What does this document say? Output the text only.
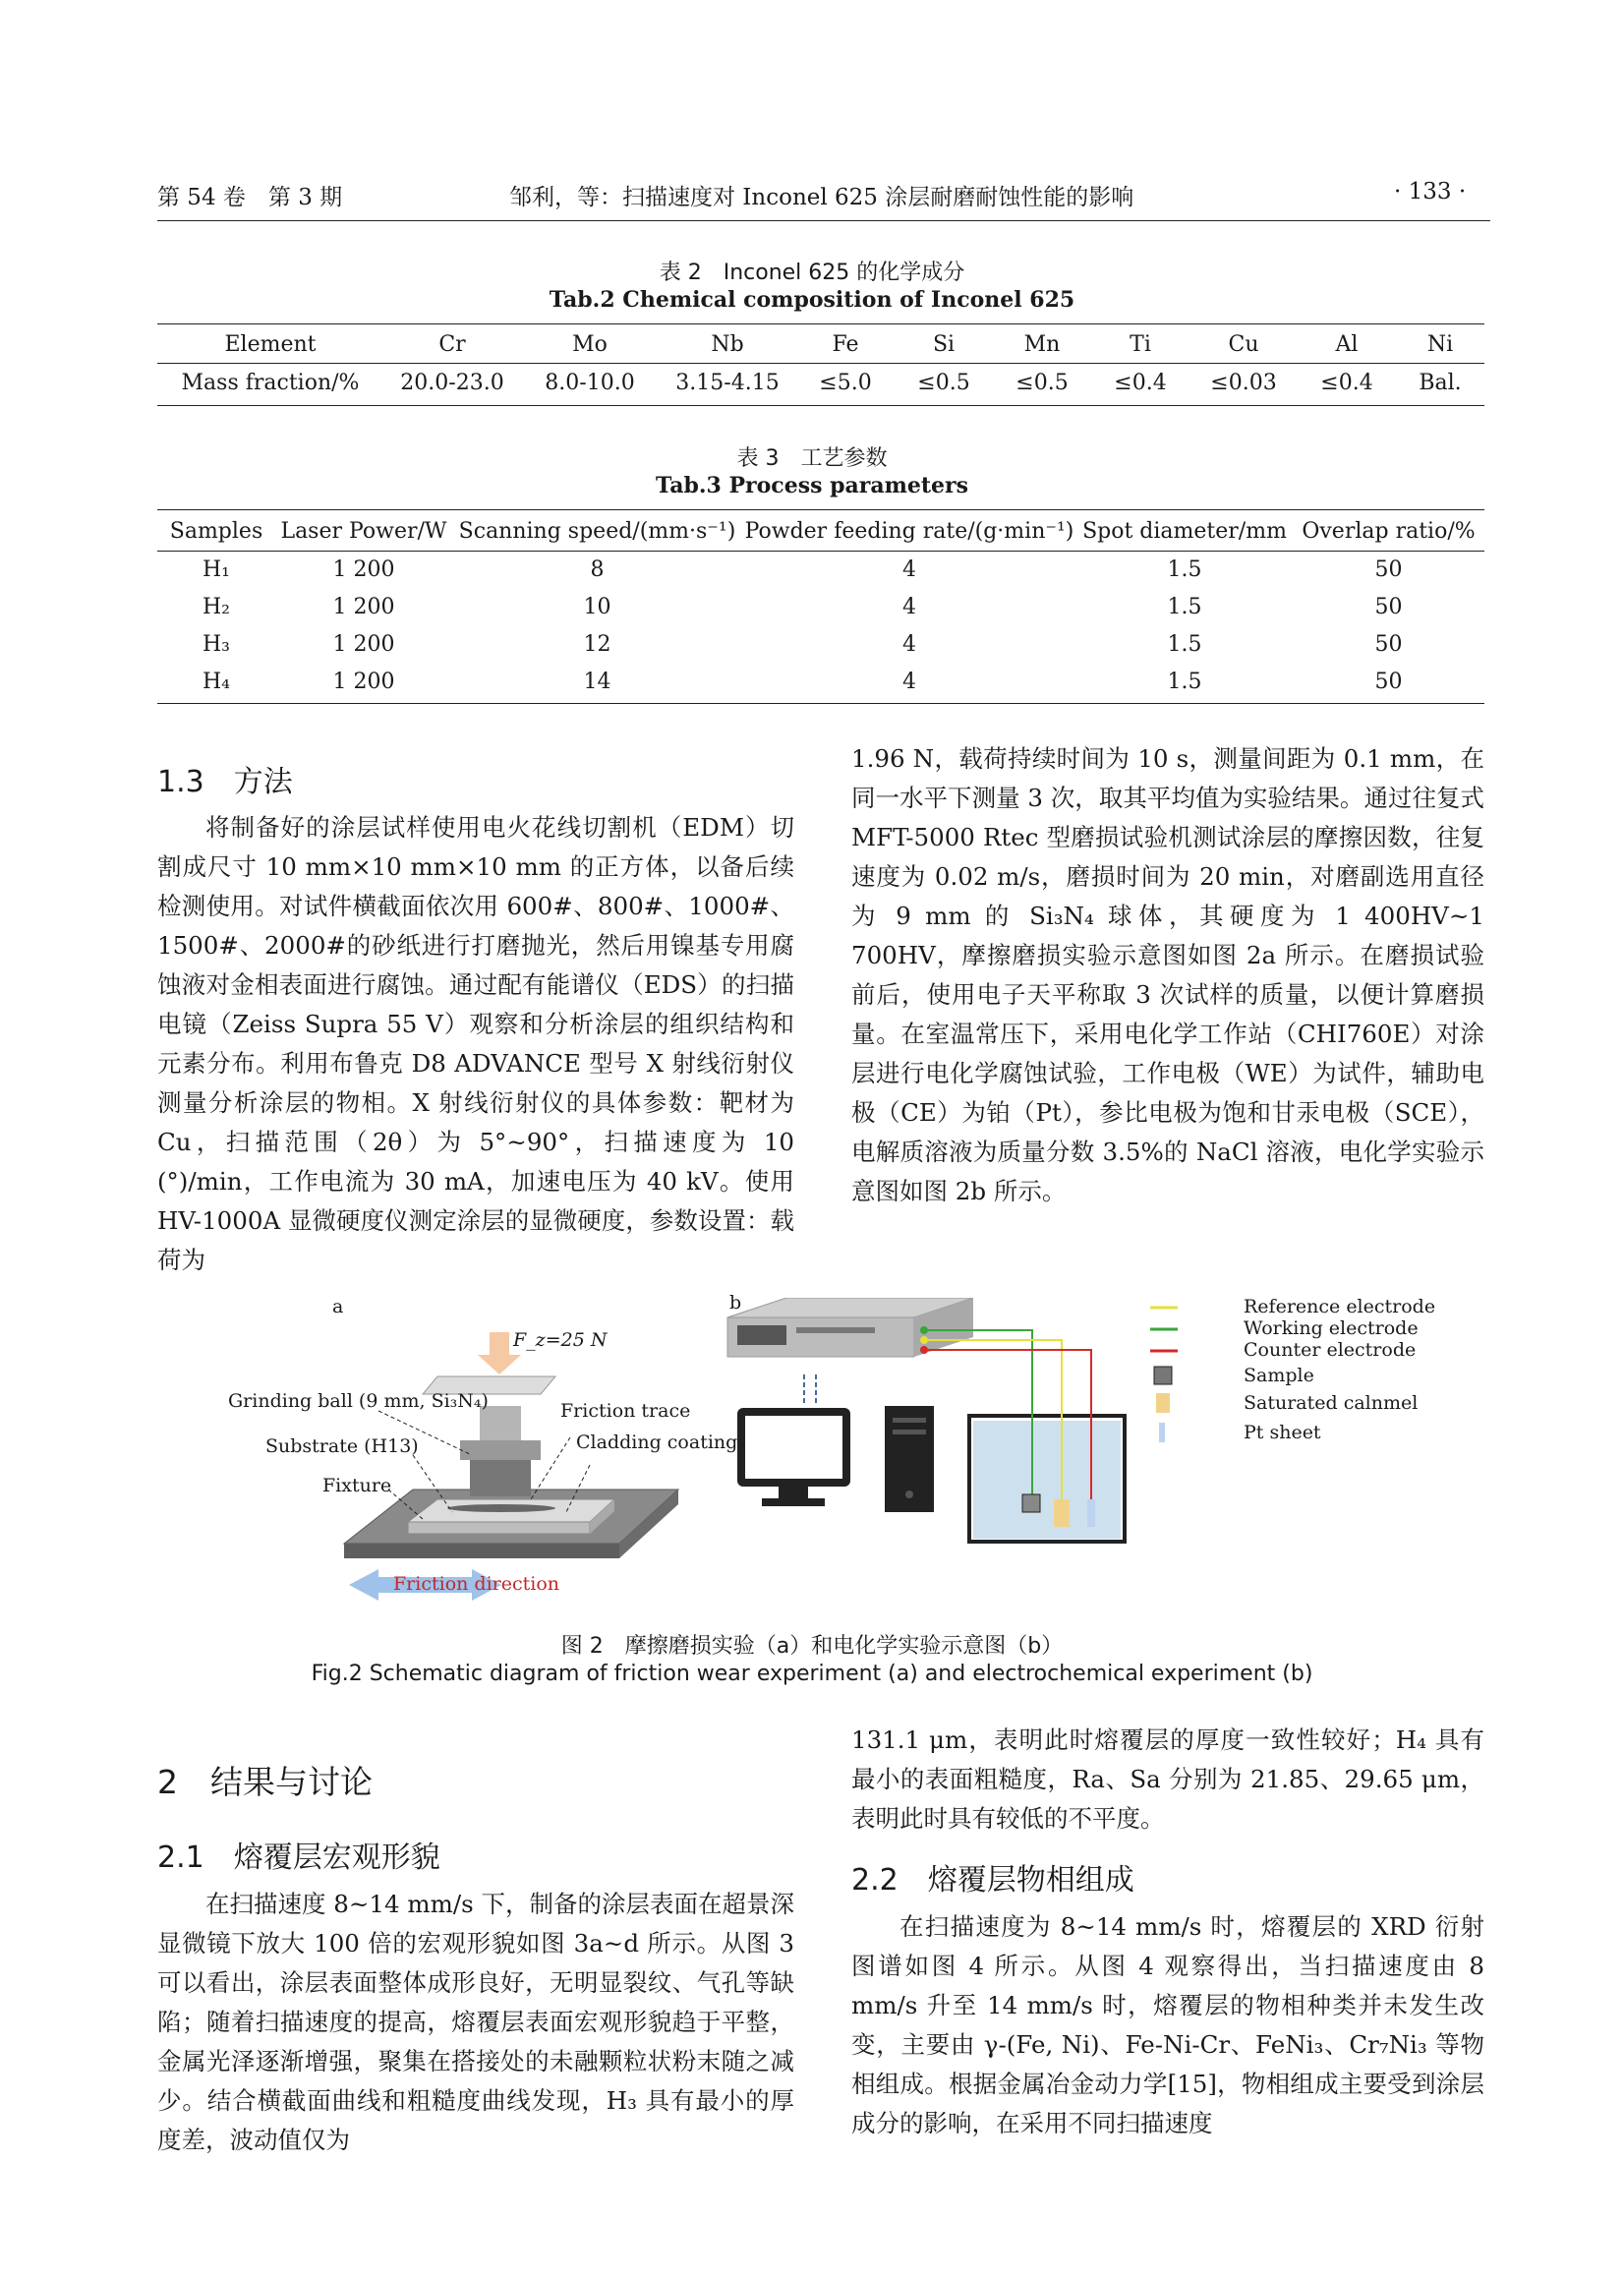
第 54 卷　第 3 期	邹利，等：扫描速度对 Inconel 625 涂层耐磨耐蚀性能的影响	· 133 ·
表 2　Inconel 625 的化学成分
Tab.2 Chemical composition of Inconel 625
Element	Cr	Mo	Nb	Fe	Si	Mn	Ti	Cu	Al	Ni
Mass fraction/%	20.0-23.0	8.0-10.0	3.15-4.15	≤5.0	≤0.5	≤0.5	≤0.4	≤0.03	≤0.4	Bal.
表 3　工艺参数
Tab.3 Process parameters
Samples	Laser Power/W	Scanning speed/(mm·s⁻¹)	Powder feeding rate/(g·min⁻¹)	Spot diameter/mm	Overlap ratio/%
H₁	1 200	8	4	1.5	50
H₂	1 200	10	4	1.5	50
H₃	1 200	12	4	1.5	50
H₄	1 200	14	4	1.5	50
1.3　方法

将制备好的涂层试样使用电火花线切割机（EDM）切割成尺寸 10 mm×10 mm×10 mm 的正方体，以备后续检测使用。对试件横截面依次用 600#、800#、1000#、1500#、2000#的砂纸进行打磨抛光，然后用镍基专用腐蚀液对金相表面进行腐蚀。通过配有能谱仪（EDS）的扫描电镜（Zeiss Supra 55 V）观察和分析涂层的组织结构和元素分布。利用布鲁克 D8 ADVANCE 型号 X 射线衍射仪测量分析涂层的物相。X 射线衍射仪的具体参数：靶材为 Cu，扫描范围（2θ）为 5°~90°，扫描速度为 10 (°)/min，工作电流为 30 mA，加速电压为 40 kV。使用 HV-1000A 显微硬度仪测定涂层的显微硬度，参数设置：载荷为

1.96 N，载荷持续时间为 10 s，测量间距为 0.1 mm，在同一水平下测量 3 次，取其平均值为实验结果。通过往复式 MFT-5000 Rtec 型磨损试验机测试涂层的摩擦因数，往复速度为 0.02 m/s，磨损时间为 20 min，对磨副选用直径为 9 mm 的 Si₃N₄ 球体，其硬度为 1 400HV~1 700HV，摩擦磨损实验示意图如图 2a 所示。在磨损试验前后，使用电子天平称取 3 次试样的质量，以便计算磨损量。在室温常压下，采用电化学工作站（CHI760E）对涂层进行电化学腐蚀试验，工作电极（WE）为试件，辅助电极（CE）为铂（Pt），参比电极为饱和甘汞电极（SCE），电解质溶液为质量分数 3.5%的 NaCl 溶液，电化学实验示意图如图 2b 所示。

a	b
F_z=25 N
Grinding ball (9 mm, Si₃N₄)	Friction trace
Substrate (H13)	Cladding coating
Fixture
Friction direction
Reference electrode
Working electrode
Counter electrode
Sample
Saturated calnmel
Pt sheet
图 2　摩擦磨损实验（a）和电化学实验示意图（b）
Fig.2 Schematic diagram of friction wear experiment (a) and electrochemical experiment (b)
2　结果与讨论
2.1　熔覆层宏观形貌

在扫描速度 8~14 mm/s 下，制备的涂层表面在超景深显微镜下放大 100 倍的宏观形貌如图 3a~d 所示。从图 3 可以看出，涂层表面整体成形良好，无明显裂纹、气孔等缺陷；随着扫描速度的提高，熔覆层表面宏观形貌趋于平整，金属光泽逐渐增强，聚集在搭接处的未融颗粒状粉末随之减少。结合横截面曲线和粗糙度曲线发现，H₃ 具有最小的厚度差，波动值仅为

131.1 μm，表明此时熔覆层的厚度一致性较好；H₄ 具有最小的表面粗糙度，Ra、Sa 分别为 21.85、29.65 μm，表明此时具有较低的不平度。

2.2　熔覆层物相组成

在扫描速度为 8~14 mm/s 时，熔覆层的 XRD 衍射图谱如图 4 所示。从图 4 观察得出，当扫描速度由 8 mm/s 升至 14 mm/s 时，熔覆层的物相种类并未发生改变，主要由 γ-(Fe, Ni)、Fe-Ni-Cr、FeNi₃、Cr₇Ni₃ 等物相组成。根据金属冶金动力学[15]，物相组成主要受到涂层成分的影响，在采用不同扫描速度
